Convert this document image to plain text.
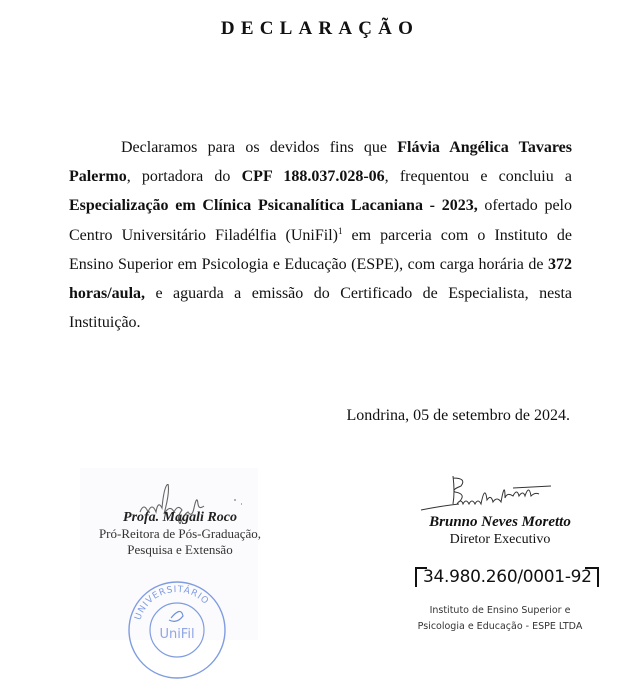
DECLARAÇÃO
Declaramos para os devidos fins que Flávia Angélica Tavares Palermo, portadora do CPF 188.037.028-06, frequentou e concluiu a Especialização em Clínica Psicanalítica Lacaniana - 2023, ofertado pelo Centro Universitário Filadélfia (UniFil)$^1$ em parceria com o Instituto de Ensino Superior em Psicologia e Educação (ESPE), com carga horária de 372 horas/aula, e aguarda a emissão do Certificado de Especialista, nesta Instituição.
Londrina, 05 de setembro de 2024.
Profa. Magali Roco
Pró-Reitora de Pós-Graduação,
Pesquisa e Extensão
UNIVERSITÁRIO
UniFil
Brunno Neves Moretto
Diretor Executivo
34.980.260/0001-92
Instituto de Ensino Superior e
Psicologia e Educação - ESPE LTDA
